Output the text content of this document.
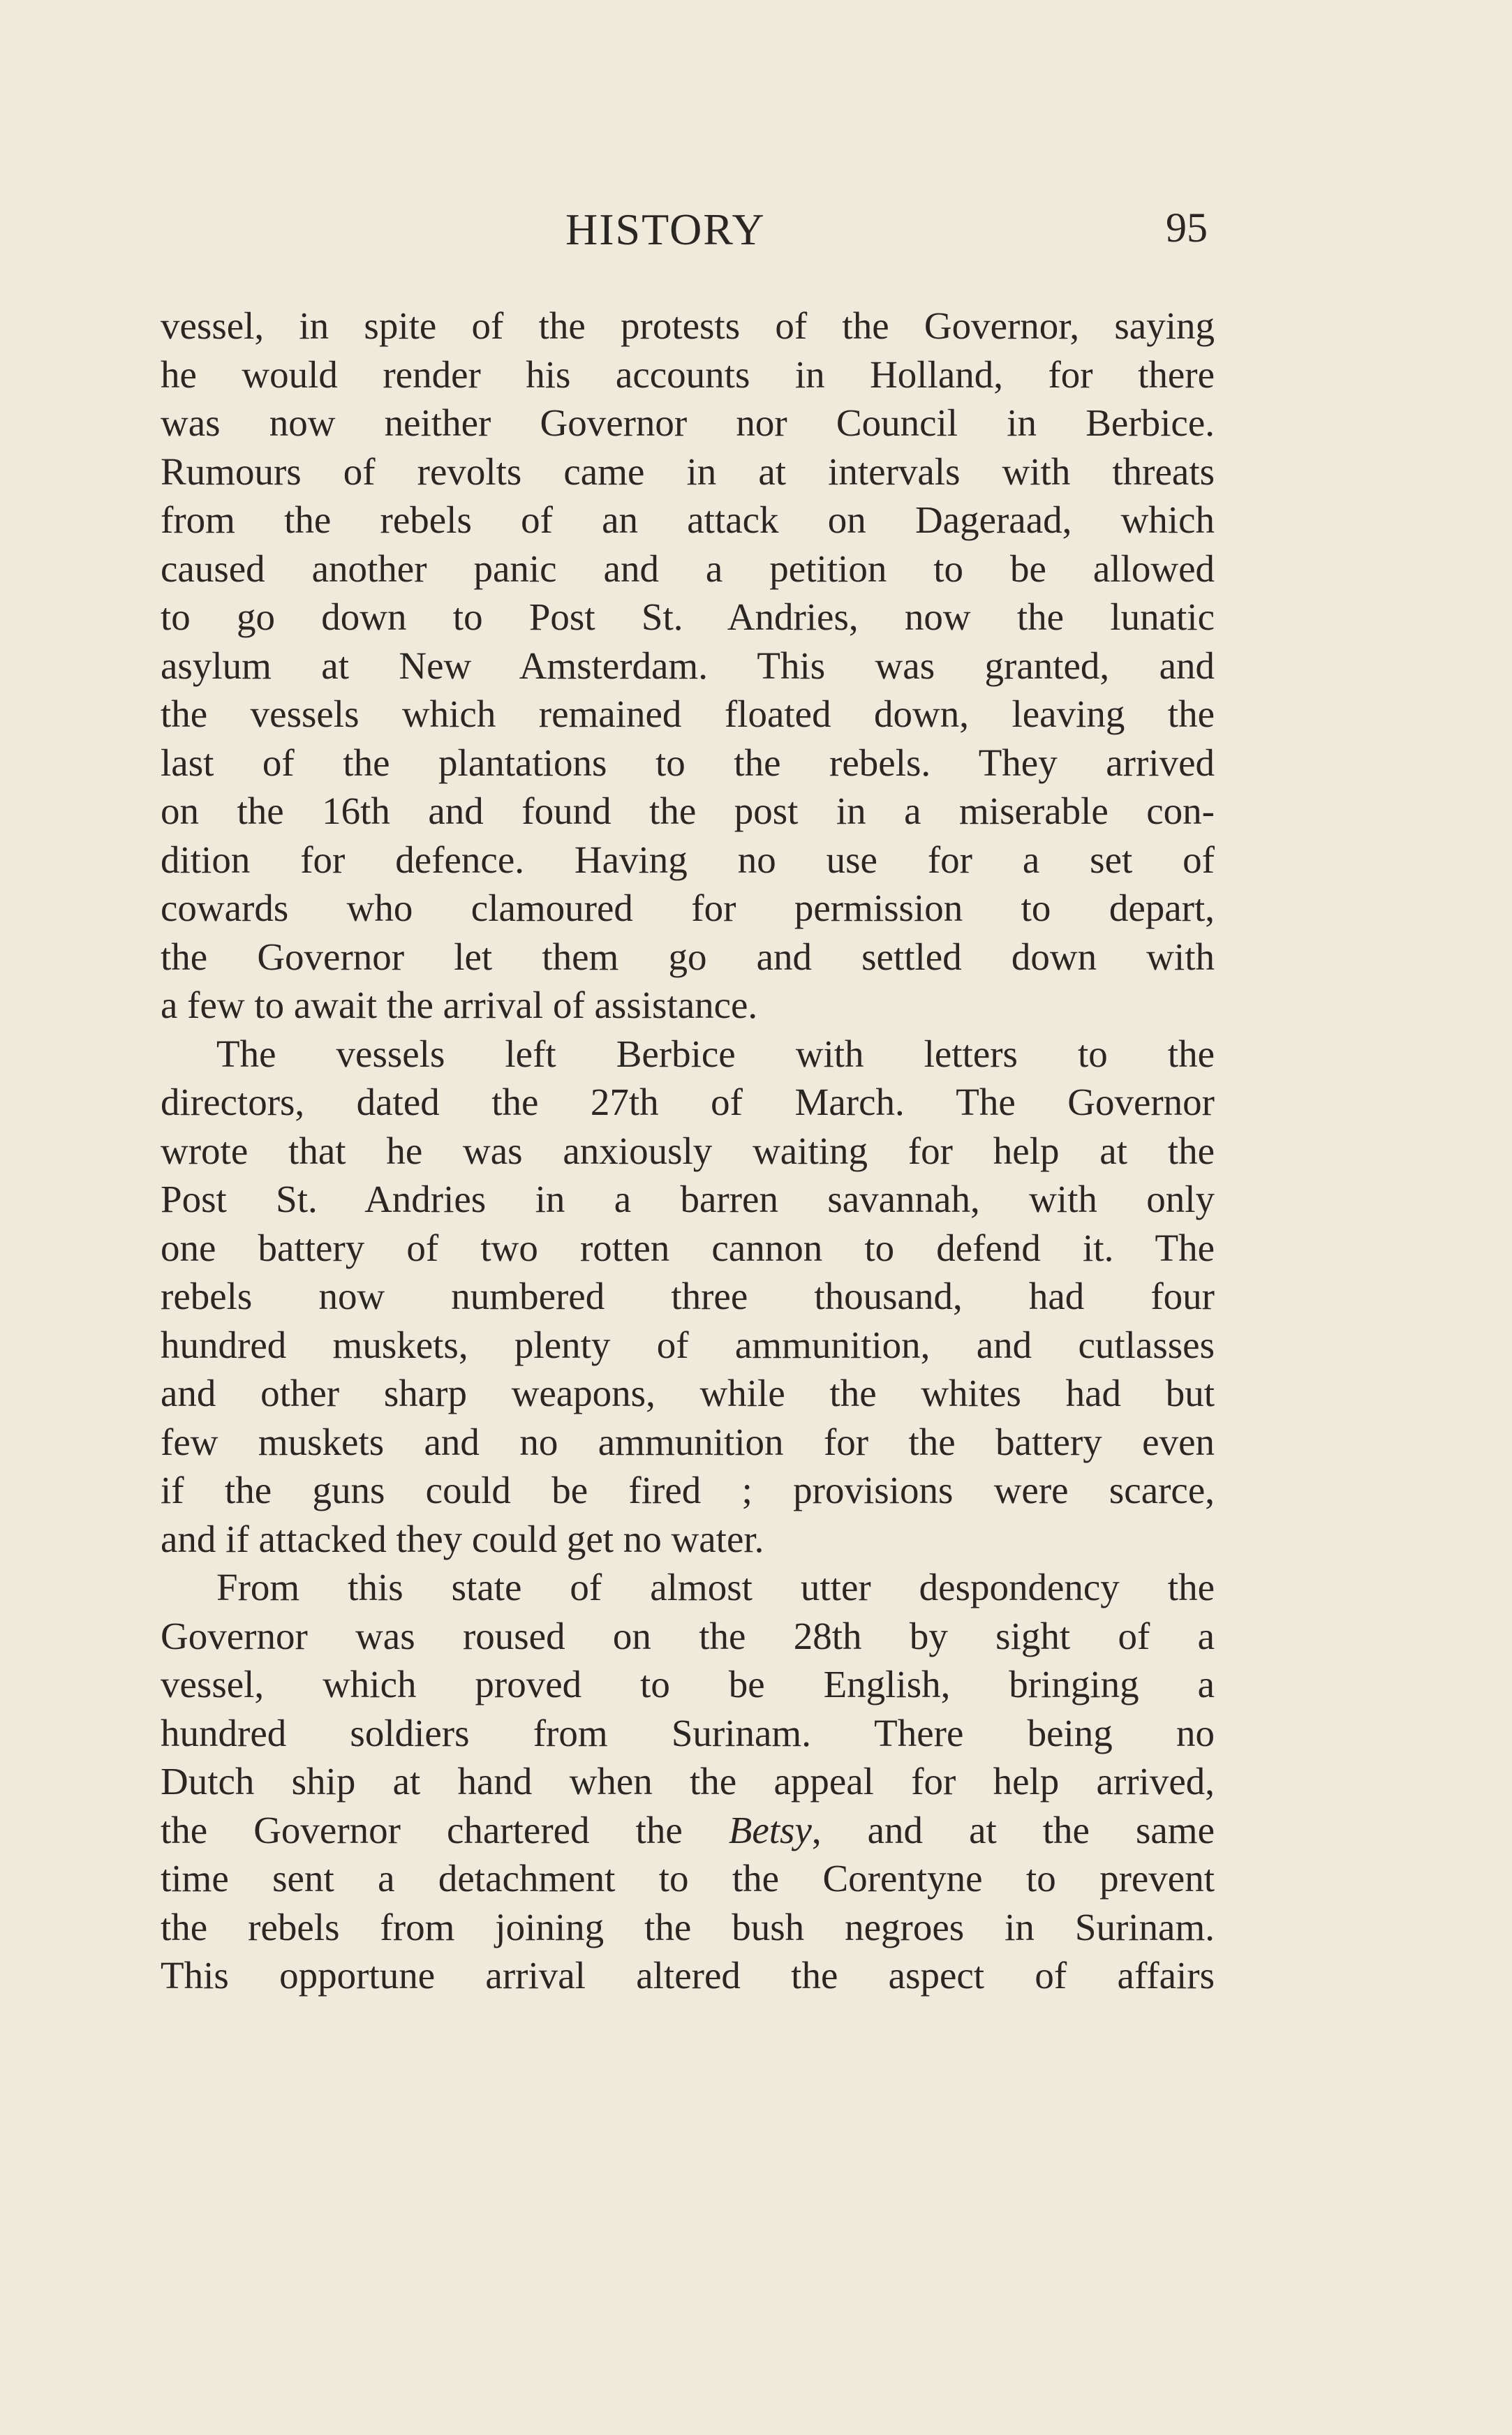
HISTORY	95
vessel, in spite of the protests of the Governor, saying
he would render his accounts in Holland, for there
was now neither Governor nor Council in Berbice.
Rumours of revolts came in at intervals with threats
from the rebels of an attack on Dageraad, which
caused another panic and a petition to be allowed
to go down to Post St. Andries, now the lunatic
asylum at New Amsterdam. This was granted, and
the vessels which remained floated down, leaving the
last of the plantations to the rebels. They arrived
on the 16th and found the post in a miserable con-
dition for defence. Having no use for a set of
cowards who clamoured for permission to depart,
the Governor let them go and settled down with
a few to await the arrival of assistance.
The vessels left Berbice with letters to the
directors, dated the 27th of March. The Governor
wrote that he was anxiously waiting for help at the
Post St. Andries in a barren savannah, with only
one battery of two rotten cannon to defend it. The
rebels now numbered three thousand, had four
hundred muskets, plenty of ammunition, and cutlasses
and other sharp weapons, while the whites had but
few muskets and no ammunition for the battery even
if the guns could be fired ; provisions were scarce,
and if attacked they could get no water.
From this state of almost utter despondency the
Governor was roused on the 28th by sight of a
vessel, which proved to be English, bringing a
hundred soldiers from Surinam. There being no
Dutch ship at hand when the appeal for help arrived,
the Governor chartered the Betsy, and at the same
time sent a detachment to the Corentyne to prevent
the rebels from joining the bush negroes in Surinam.
This opportune arrival altered the aspect of affairs
